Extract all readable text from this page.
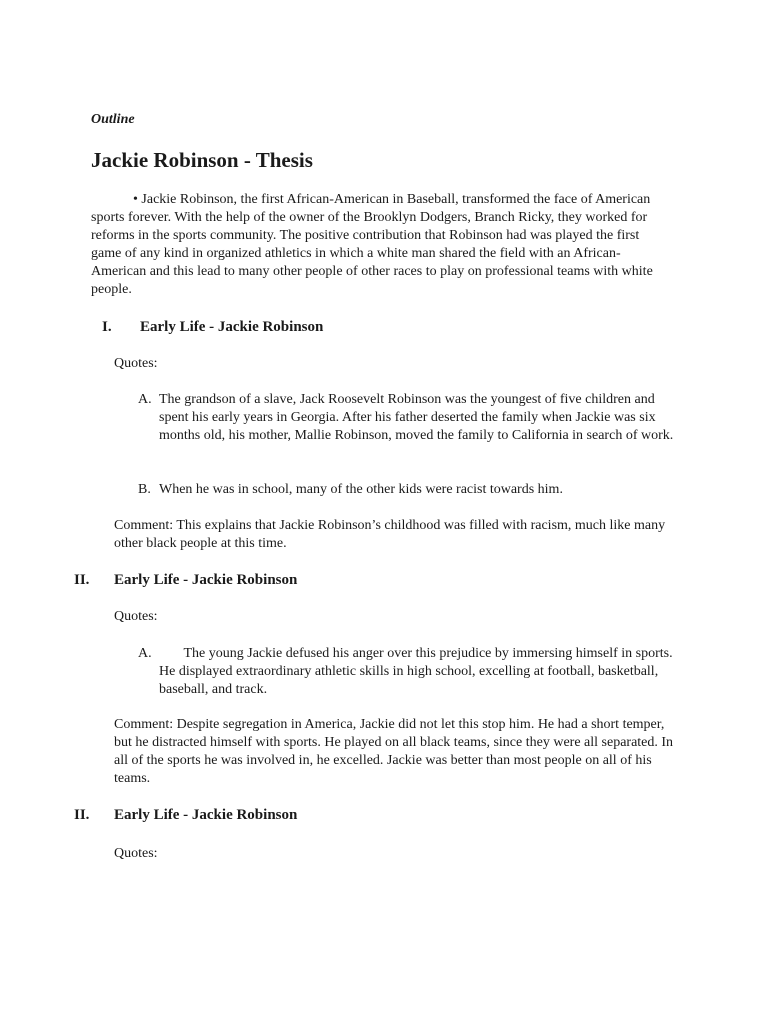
Outline
Jackie Robinson - Thesis

• Jackie Robinson, the first African-American in Baseball, transformed the face of American sports forever. With the help of the owner of the Brooklyn Dodgers, Branch Ricky, they worked for reforms in the sports community. The positive contribution that Robinson had was played the first game of any kind in organized athletics in which a white man shared the field with an African-American and this lead to many other people of other races to play on professional teams with white people.

I.	Early Life - Jackie Robinson
Quotes:
A. The grandson of a slave, Jack Roosevelt Robinson was the youngest of five children and spent his early years in Georgia. After his father deserted the family when Jackie was six months old, his mother, Mallie Robinson, moved the family to California in search of work.
B. When he was in school, many of the other kids were racist towards him.

Comment: This explains that Jackie Robinson’s childhood was filled with racism, much like many other black people at this time.

II.	Early Life - Jackie Robinson
Quotes:
A. The young Jackie defused his anger over this prejudice by immersing himself in sports. He displayed extraordinary athletic skills in high school, excelling at football, basketball, baseball, and track.

Comment: Despite segregation in America, Jackie did not let this stop him. He had a short temper, but he distracted himself with sports. He played on all black teams, since they were all separated. In all of the sports he was involved in, he excelled. Jackie was better than most people on all of his teams.

II.	Early Life - Jackie Robinson
Quotes:
